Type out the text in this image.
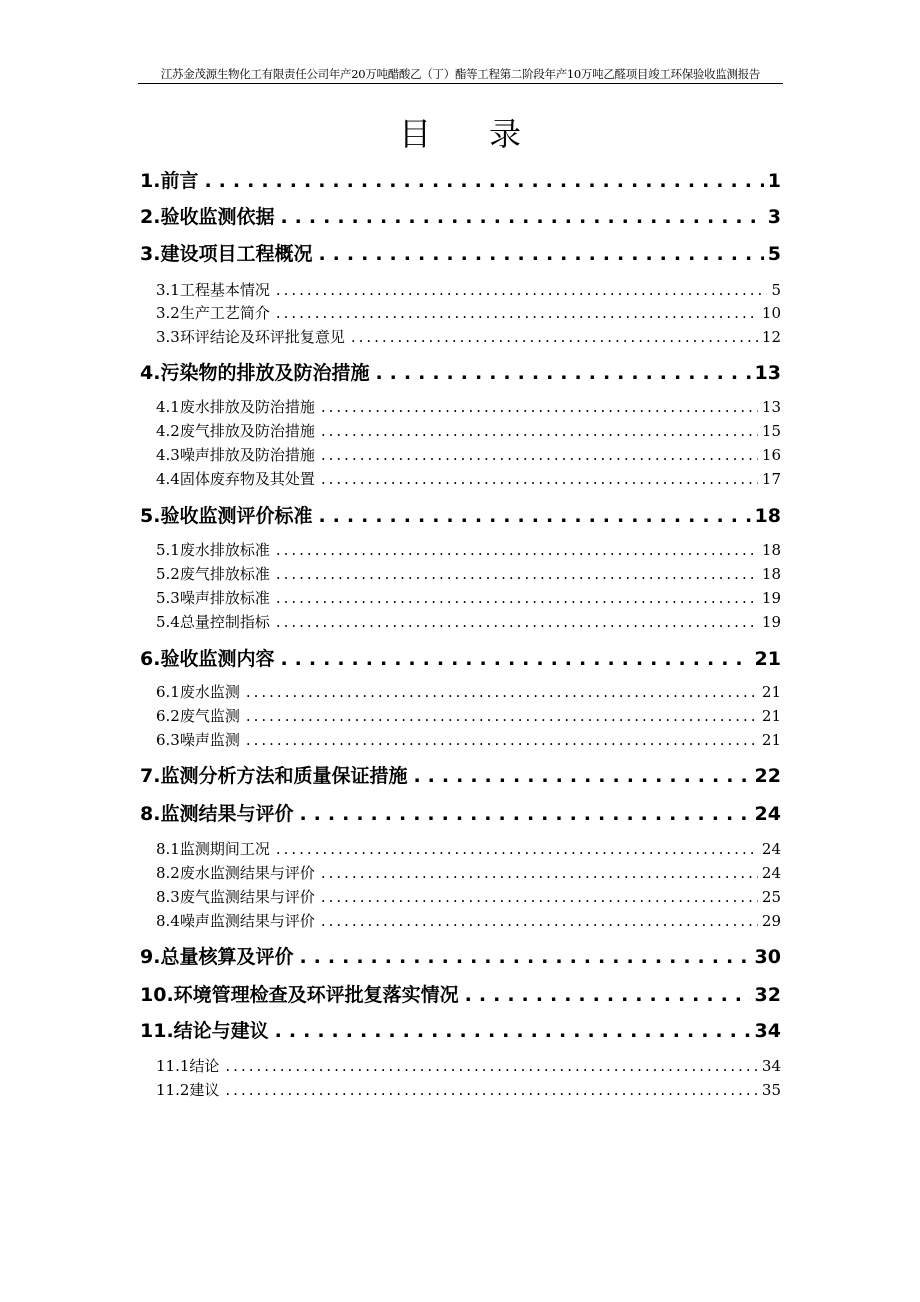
江苏金茂源生物化工有限责任公司年产20万吨醋酸乙（丁）酯等工程第二阶段年产10万吨乙醛项目竣工环保验收监测报告
目录
1.前言 .....	1
2.验收监测依据 .....	3
3.建设项目工程概况 .....	5
3.1工程基本情况 .....	5
3.2生产工艺简介 .....	10
3.3环评结论及环评批复意见 .....	12
4.污染物的排放及防治措施 .....	13
4.1废水排放及防治措施 .....	13
4.2废气排放及防治措施 .....	15
4.3噪声排放及防治措施 .....	16
4.4固体废弃物及其处置 .....	17
5.验收监测评价标准 .....	18
5.1废水排放标准 .....	18
5.2废气排放标准 .....	18
5.3噪声排放标准 .....	19
5.4总量控制指标 .....	19
6.验收监测内容 .....	21
6.1废水监测 .....	21
6.2废气监测 .....	21
6.3噪声监测 .....	21
7.监测分析方法和质量保证措施 .....	22
8.监测结果与评价 .....	24
8.1监测期间工况 .....	24
8.2废水监测结果与评价 .....	24
8.3废气监测结果与评价 .....	25
8.4噪声监测结果与评价 .....	29
9.总量核算及评价 .....	30
10.环境管理检查及环评批复落实情况 .....	32
11.结论与建议 .....	34
11.1结论 .....	34
11.2建议 .....	35
